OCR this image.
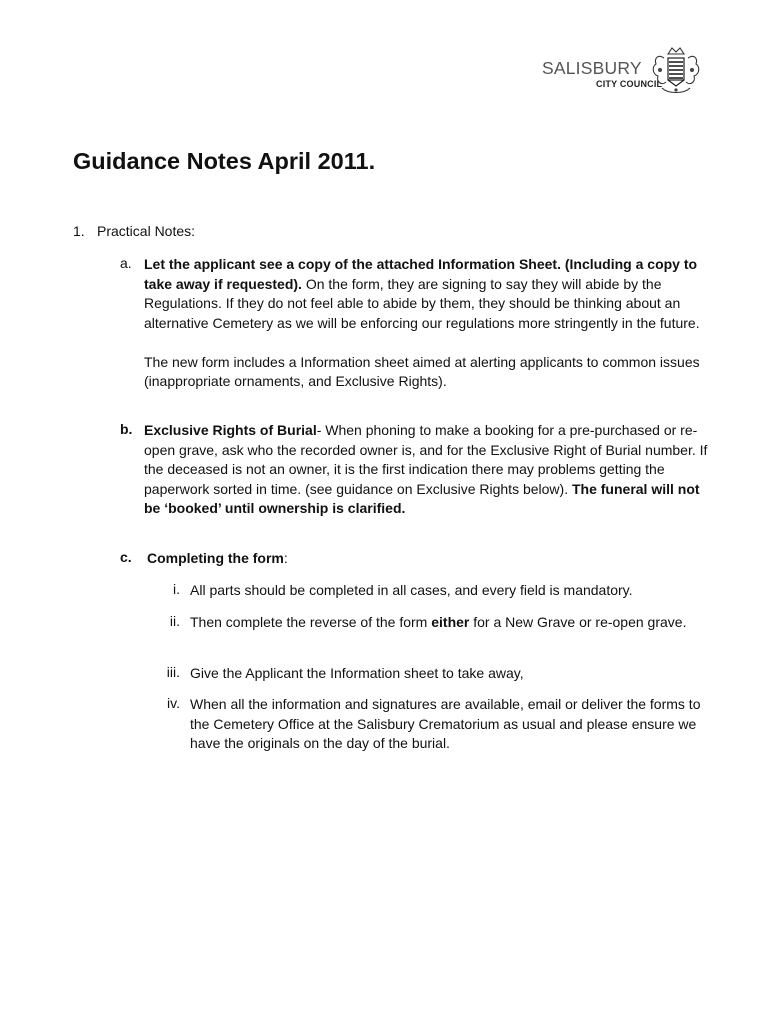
SALISBURY
CITY COUNCIL
Guidance Notes April 2011.
1. Practical Notes:
a. Let the applicant see a copy of the attached Information Sheet. (Including a copy to take away if requested). On the form, they are signing to say they will abide by the Regulations. If they do not feel able to abide by them, they should be thinking about an alternative Cemetery as we will be enforcing our regulations more stringently in the future.

The new form includes a Information sheet aimed at alerting applicants to common issues (inappropriate ornaments, and Exclusive Rights).

b. Exclusive Rights of Burial- When phoning to make a booking for a pre-purchased or re-open grave, ask who the recorded owner is, and for the Exclusive Right of Burial number. If the deceased is not an owner, it is the first indication there may problems getting the paperwork sorted in time. (see guidance on Exclusive Rights below). The funeral will not be ‘booked’ until ownership is clarified.

c. Completing the form:

i. All parts should be completed in all cases, and every field is mandatory.
ii. Then complete the reverse of the form either for a New Grave or re-open grave.
iii. Give the Applicant the Information sheet to take away,
iv. When all the information and signatures are available, email or deliver the forms to the Cemetery Office at the Salisbury Crematorium as usual and please ensure we have the originals on the day of the burial.
